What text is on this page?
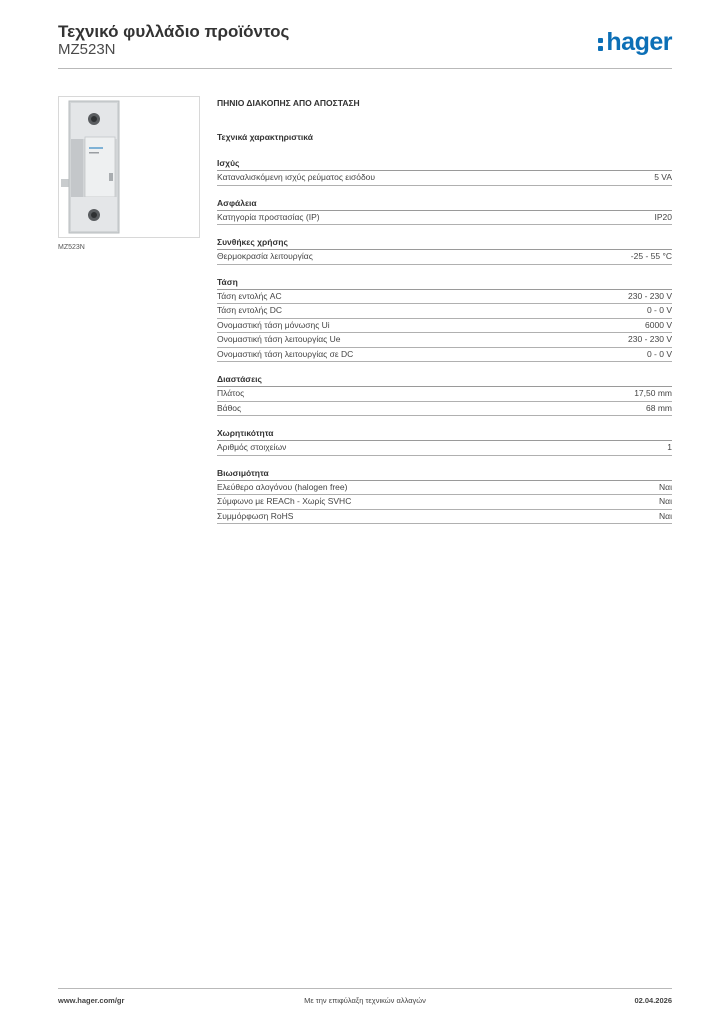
Τεχνικό φυλλάδιο προϊόντος
MZ523N	hager
MZ523N
ΠΗΝΙΟ ΔΙΑΚΟΠΗΣ ΑΠΟ ΑΠΟΣΤΑΣΗ
Τεχνικά χαρακτηριστικά
Ισχύς
Καταναλισκόμενη ισχύς ρεύματος εισόδου	5 VA
Ασφάλεια
Κατηγορία προστασίας (IP)	IP20
Συνθήκες χρήσης
Θερμοκρασία λειτουργίας	-25 - 55 °C
Τάση
Τάση εντολής AC	230 - 230 V
Τάση εντολής DC	0 - 0 V
Ονομαστική τάση μόνωσης Ui	6000 V
Ονομαστική τάση λειτουργίας Ue	230 - 230 V
Ονομαστική τάση λειτουργίας σε DC	0 - 0 V
Διαστάσεις
Πλάτος	17,50 mm
Βάθος	68 mm
Χωρητικότητα
Αριθμός στοιχείων	1
Βιωσιμότητα
Ελεύθερο αλογόνου (halogen free)	Ναι
Σύμφωνο με REACh - Χωρίς SVHC	Ναι
Συμμόρφωση RoHS	Ναι
www.hager.com/gr	Με την επιφύλαξη τεχνικών αλλαγών	02.04.2026
